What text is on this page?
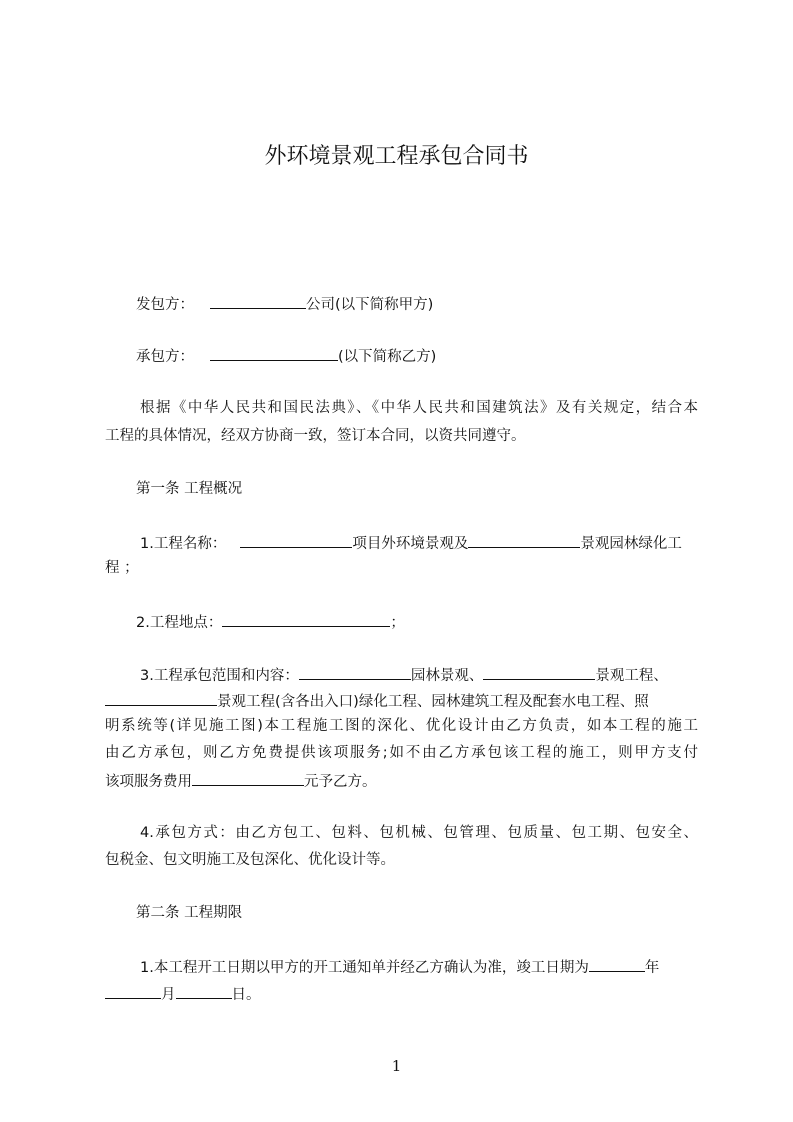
外环境景观工程承包合同书
发包方：	公司(以下简称甲方)
承包方：	(以下简称乙方)
根据《中华人民共和国民法典》、《中华人民共和国建筑法》及有关规定，结合本
工程的具体情况，经双方协商一致，签订本合同，以资共同遵守。
第一条 工程概况
1.工程名称：	项目外环境景观及	景观园林绿化工
程 ；
2.工程地点：	；
3.工程承包范围和内容：	园林景观、	景观工程、
景观工程(含各出入口)绿化工程、园林建筑工程及配套水电工程、照
明系统等(详见施工图)本工程施工图的深化、优化设计由乙方负责，如本工程的施工
由乙方承包，则乙方免费提供该项服务;如不由乙方承包该工程的施工，则甲方支付
该项服务费用	元予乙方。
4.承包方式：由乙方包工、包料、包机械、包管理、包质量、包工期、包安全、
包税金、包文明施工及包深化、优化设计等。
第二条 工程期限
1.本工程开工日期以甲方的开工通知单并经乙方确认为准，竣工日期为	年
月	日。
1
